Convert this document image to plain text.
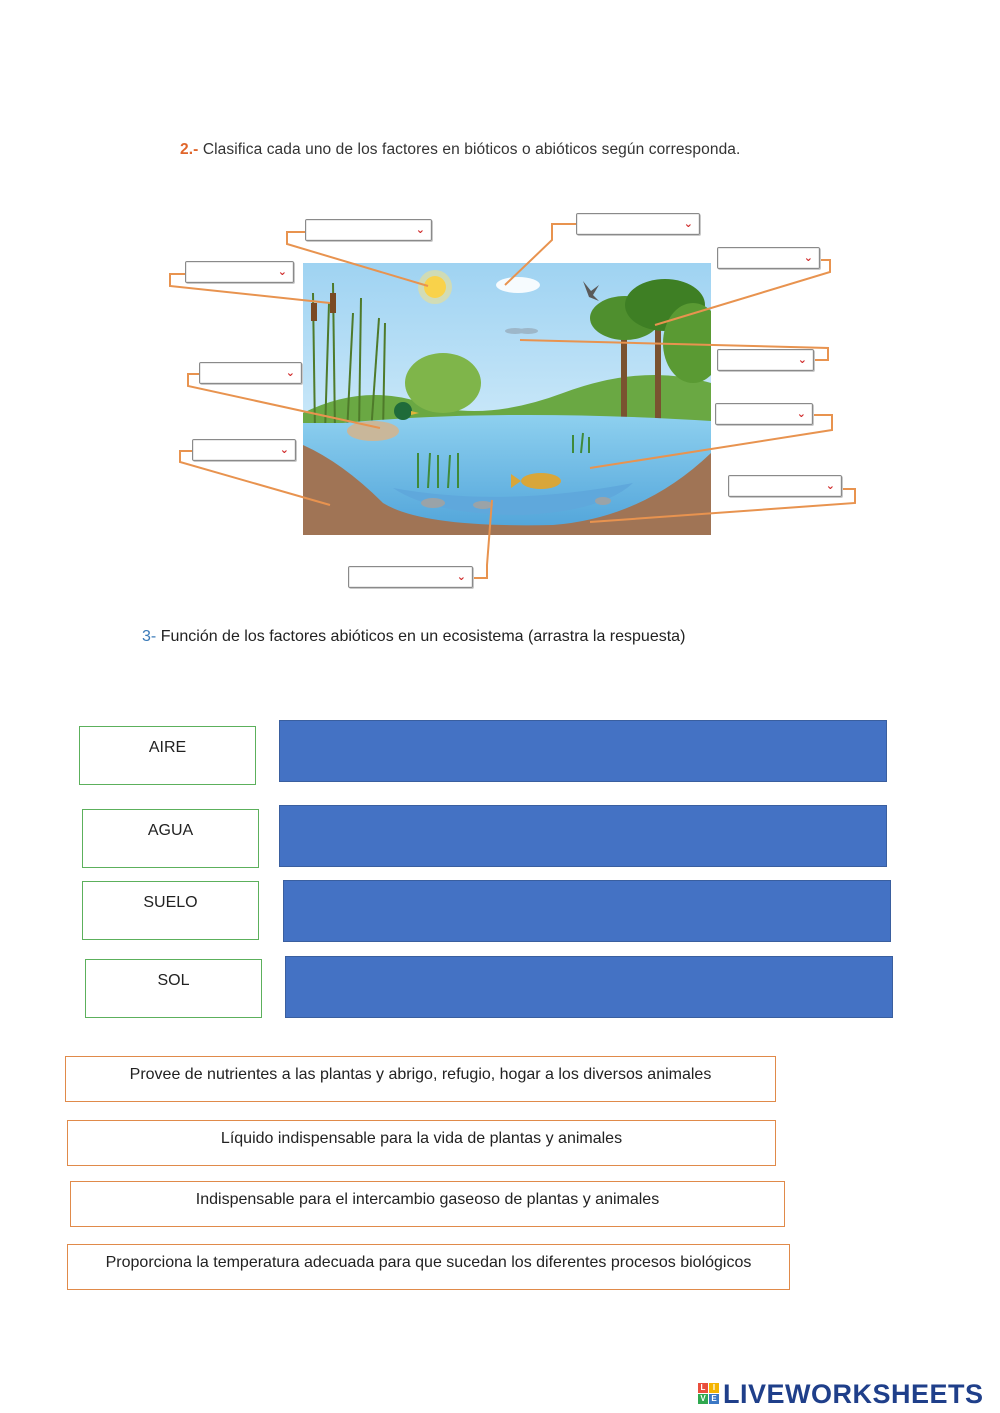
2.- Clasifica cada uno de los factores en bióticos o abióticos según corresponda.
⌄	⌄
⌄
⌄
⌄
⌄
⌄
⌄
⌄
⌄
3- Función de los factores abióticos en un ecosistema (arrastra la respuesta)
AIRE
AGUA
SUELO
SOL
Provee de nutrientes a las plantas y abrigo, refugio, hogar a los diversos animales
Líquido indispensable para la vida de plantas y animales
Indispensable para el intercambio gaseoso de plantas y animales
Proporciona la temperatura adecuada para que sucedan los diferentes procesos biológicos
L I
V E LIVEWORKSHEETS
